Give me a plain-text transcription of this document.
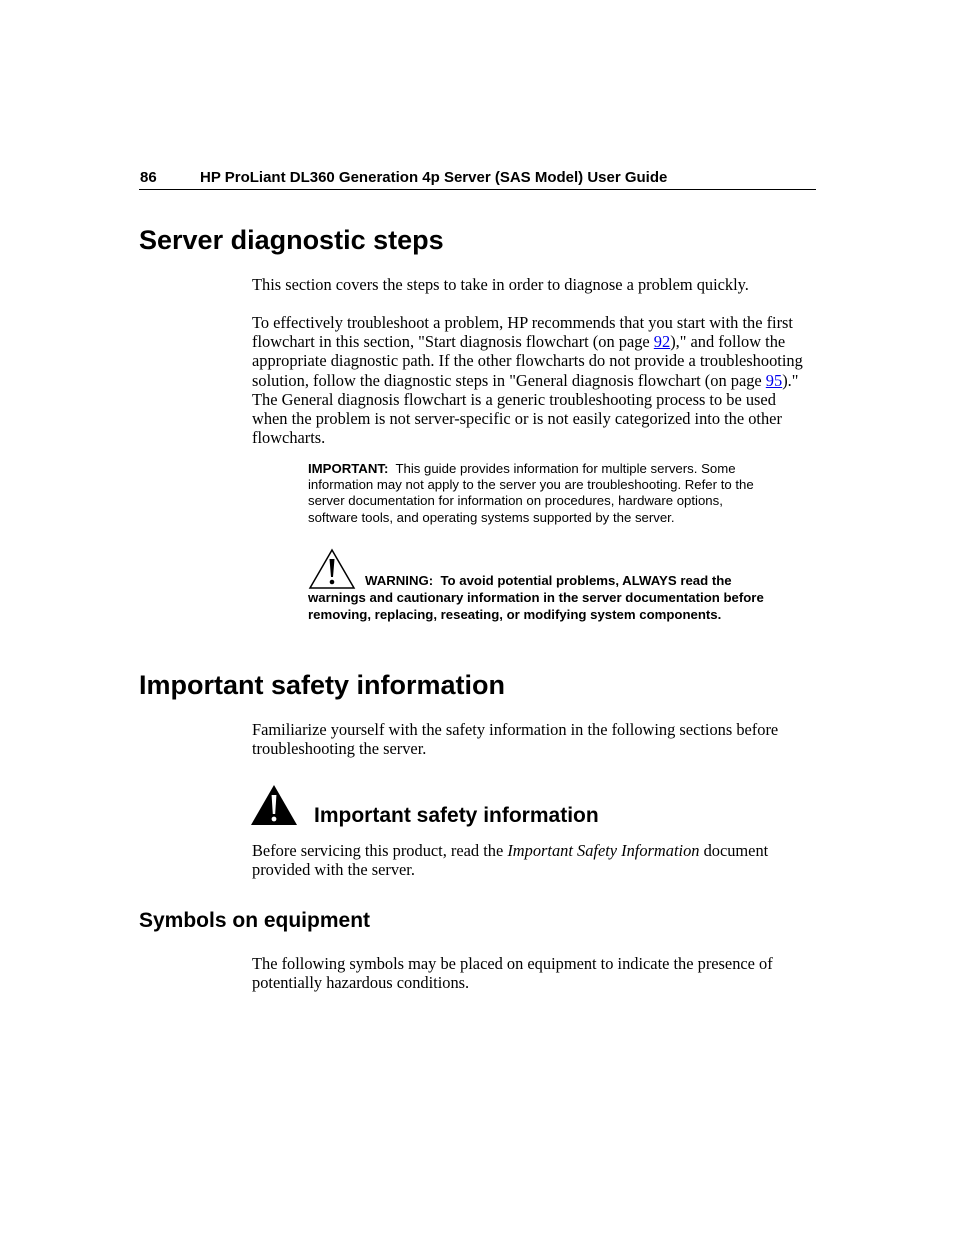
86	HP ProLiant DL360 Generation 4p Server (SAS Model) User Guide
Server diagnostic steps

This section covers the steps to take in order to diagnose a problem quickly.

To effectively troubleshoot a problem, HP recommends that you start with the first flowchart in this section, "Start diagnosis flowchart (on page 92)," and follow the appropriate diagnostic path. If the other flowcharts do not provide a troubleshooting solution, follow the diagnostic steps in "General diagnosis flowchart (on page 95)." The General diagnosis flowchart is a generic troubleshooting process to be used when the problem is not server-specific or is not easily categorized into the other flowcharts.

IMPORTANT: This guide provides information for multiple servers. Some information may not apply to the server you are troubleshooting. Refer to the server documentation for information on procedures, hardware options, software tools, and operating systems supported by the server.

WARNING: To avoid potential problems, ALWAYS read the warnings and cautionary information in the server documentation before removing, replacing, reseating, or modifying system components.

Important safety information

Familiarize yourself with the safety information in the following sections before troubleshooting the server.

Important safety information

Before servicing this product, read the Important Safety Information document provided with the server.

Symbols on equipment

The following symbols may be placed on equipment to indicate the presence of potentially hazardous conditions.
